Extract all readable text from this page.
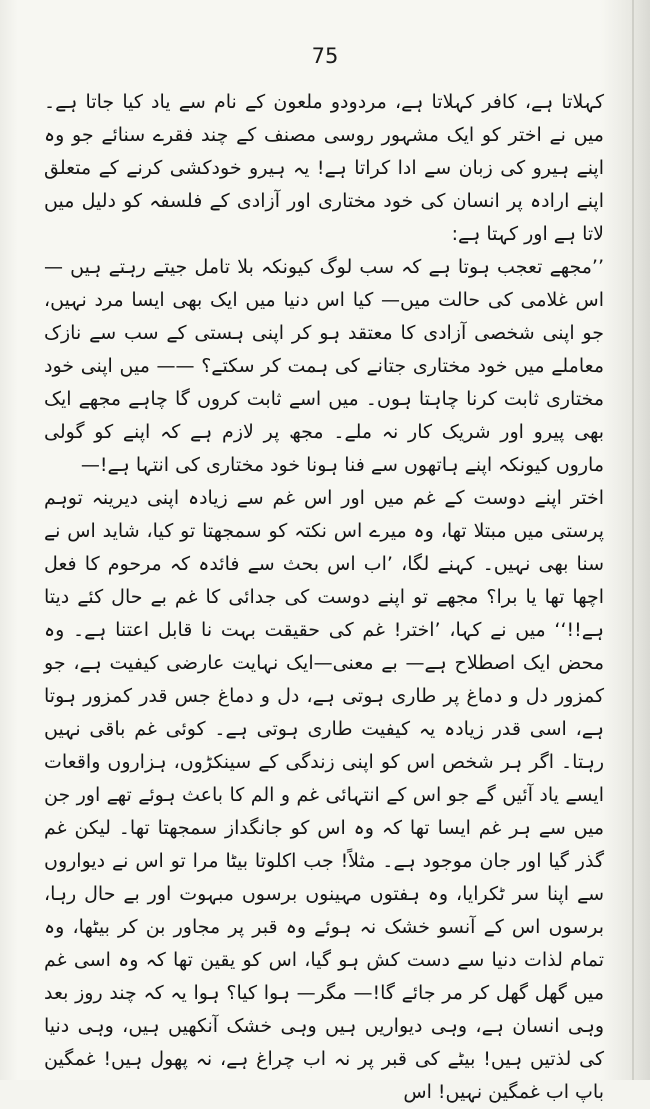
75

کہلاتا ہے، کافر کہلاتا ہے، مردودو ملعون کے نام سے یاد کیا جاتا ہے۔ میں نے اختر کو ایک مشہور روسی مصنف کے چند فقرے سنائے جو وہ اپنے ہیرو کی زبان سے ادا کراتا ہے! یہ ہیرو خودکشی کرنے کے متعلق اپنے ارادہ پر انسان کی خود مختاری اور آزادی کے فلسفہ کو دلیل میں لاتا ہے اور کہتا ہے:

’’مجھے تعجب ہوتا ہے کہ سب لوگ کیونکہ بلا تامل جیتے رہتے ہیں —اس غلامی کی حالت میں— کیا اس دنیا میں ایک بھی ایسا مرد نہیں، جو اپنی شخصی آزادی کا معتقد ہو کر اپنی ہستی کے سب سے نازک معاملے میں خود مختاری جتانے کی ہمت کر سکتے؟ —— میں اپنی خود مختاری ثابت کرنا چاہتا ہوں۔ میں اسے ثابت کروں گا چاہے مجھے ایک بھی پیرو اور شریک کار نہ ملے۔ مجھ پر لازم ہے کہ اپنے کو گولی ماروں کیونکہ اپنے ہاتھوں سے فنا ہونا خود مختاری کی انتہا ہے!—

اختر اپنے دوست کے غم میں اور اس غم سے زیادہ اپنی دیرینہ توہم پرستی میں مبتلا تھا، وہ میرے اس نکتہ کو سمجھتا تو کیا، شاید اس نے سنا بھی نہیں۔ کہنے لگا، ’اب اس بحث سے فائدہ کہ مرحوم کا فعل اچھا تھا یا برا؟ مجھے تو اپنے دوست کی جدائی کا غم بے حال کئے دیتا ہے!!‘‘ میں نے کہا، ’اختر! غم کی حقیقت بہت نا قابل اعتنا ہے۔ وہ محض ایک اصطلاح ہے— بے معنی—ایک نہایت عارضی کیفیت ہے، جو کمزور دل و دماغ پر طاری ہوتی ہے، دل و دماغ جس قدر کمزور ہوتا ہے، اسی قدر زیادہ یہ کیفیت طاری ہوتی ہے۔ کوئی غم باقی نہیں رہتا۔ اگر ہر شخص اس کو اپنی زندگی کے سینکڑوں، ہزاروں واقعات ایسے یاد آئیں گے جو اس کے انتہائی غم و الم کا باعث ہوئے تھے اور جن میں سے ہر غم ایسا تھا کہ وہ اس کو جانگداز سمجھتا تھا۔ لیکن غم گذر گیا اور جان موجود ہے۔ مثلاً! جب اکلوتا بیٹا مرا تو اس نے دیواروں سے اپنا سر ٹکرایا، وہ ہفتوں مہینوں برسوں مبہوت اور بے حال رہا، برسوں اس کے آنسو خشک نہ ہوئے وہ قبر پر مجاور بن کر بیٹھا، وہ تمام لذات دنیا سے دست کش ہو گیا، اس کو یقین تھا کہ وہ اسی غم میں گھل گھل کر مر جائے گا!— مگر— ہوا کیا؟ ہوا یہ کہ چند روز بعد وہی انسان ہے، وہی دیواریں ہیں وہی خشک آنکھیں ہیں، وہی دنیا کی لذتیں ہیں! بیٹے کی قبر پر نہ اب چراغ ہے، نہ پھول ہیں! غمگین باپ اب غمگین نہیں! اس
